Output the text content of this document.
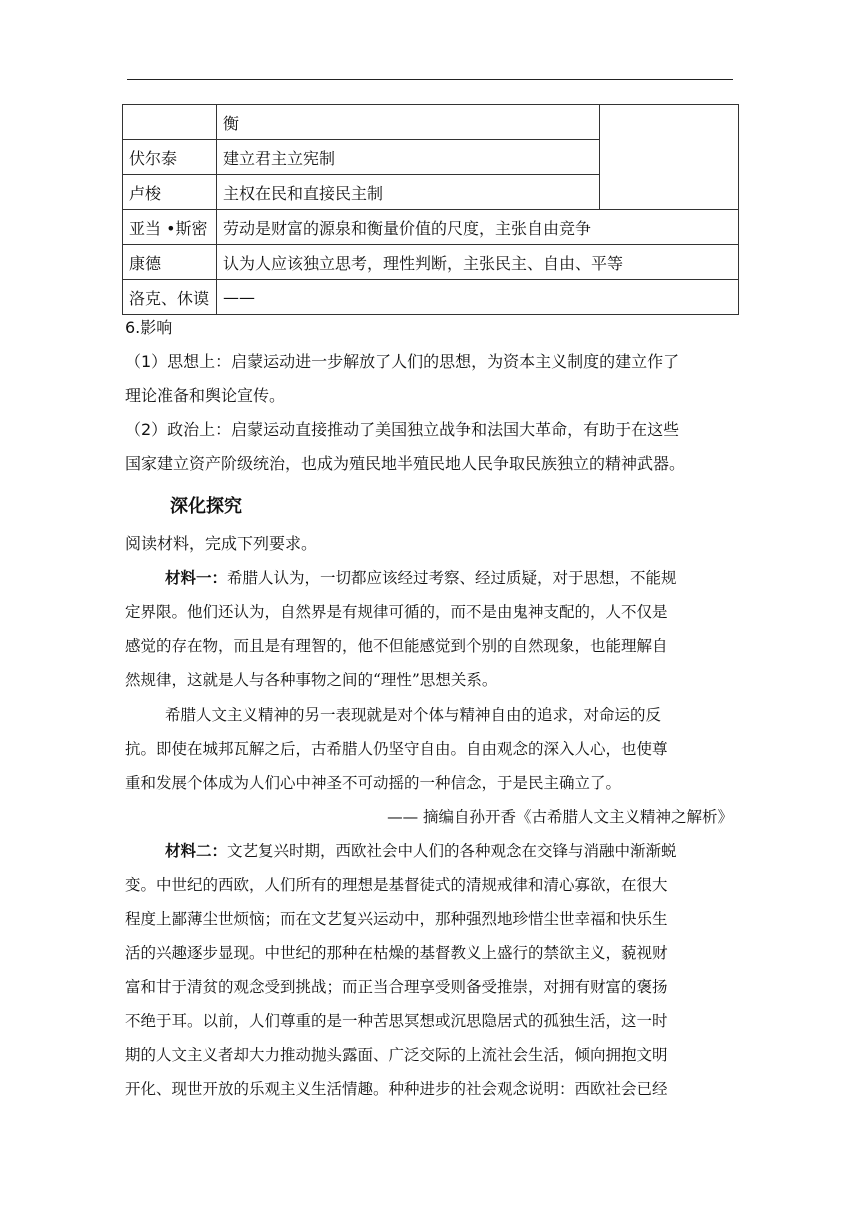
	衡	
伏尔泰	建立君主立宪制	
卢梭	主权在民和直接民主制	
亚当 •斯密	劳动是财富的源泉和衡量价值的尺度，主张自由竞争	
康德	认为人应该独立思考，理性判断，主张民主、自由、平等	
洛克、休谟	——	
6.影响
（1）思想上：启蒙运动进一步解放了人们的思想，为资本主义制度的建立作了
理论准备和舆论宣传。
（2）政治上：启蒙运动直接推动了美国独立战争和法国大革命，有助于在这些
国家建立资产阶级统治，也成为殖民地半殖民地人民争取民族独立的精神武器。
深化探究
阅读材料，完成下列要求。
材料一：希腊人认为，一切都应该经过考察、经过质疑，对于思想，不能规
定界限。他们还认为，自然界是有规律可循的，而不是由鬼神支配的，人不仅是
感觉的存在物，而且是有理智的，他不但能感觉到个别的自然现象，也能理解自
然规律，这就是人与各种事物之间的“理性”思想关系。
希腊人文主义精神的另一表现就是对个体与精神自由的追求，对命运的反
抗。即使在城邦瓦解之后，古希腊人仍坚守自由。自由观念的深入人心，也使尊
重和发展个体成为人们心中神圣不可动摇的一种信念，于是民主确立了。
—— 摘编自孙开香《古希腊人文主义精神之解析》
材料二：文艺复兴时期，西欧社会中人们的各种观念在交锋与消融中渐渐蜕
变。中世纪的西欧，人们所有的理想是基督徒式的清规戒律和清心寡欲，在很大
程度上鄙薄尘世烦恼；而在文艺复兴运动中，那种强烈地珍惜尘世幸福和快乐生
活的兴趣逐步显现。中世纪的那种在枯燥的基督教义上盛行的禁欲主义，藐视财
富和甘于清贫的观念受到挑战；而正当合理享受则备受推崇，对拥有财富的褒扬
不绝于耳。以前，人们尊重的是一种苦思冥想或沉思隐居式的孤独生活，这一时
期的人文主义者却大力推动抛头露面、广泛交际的上流社会生活，倾向拥抱文明
开化、现世开放的乐观主义生活情趣。种种进步的社会观念说明：西欧社会已经
